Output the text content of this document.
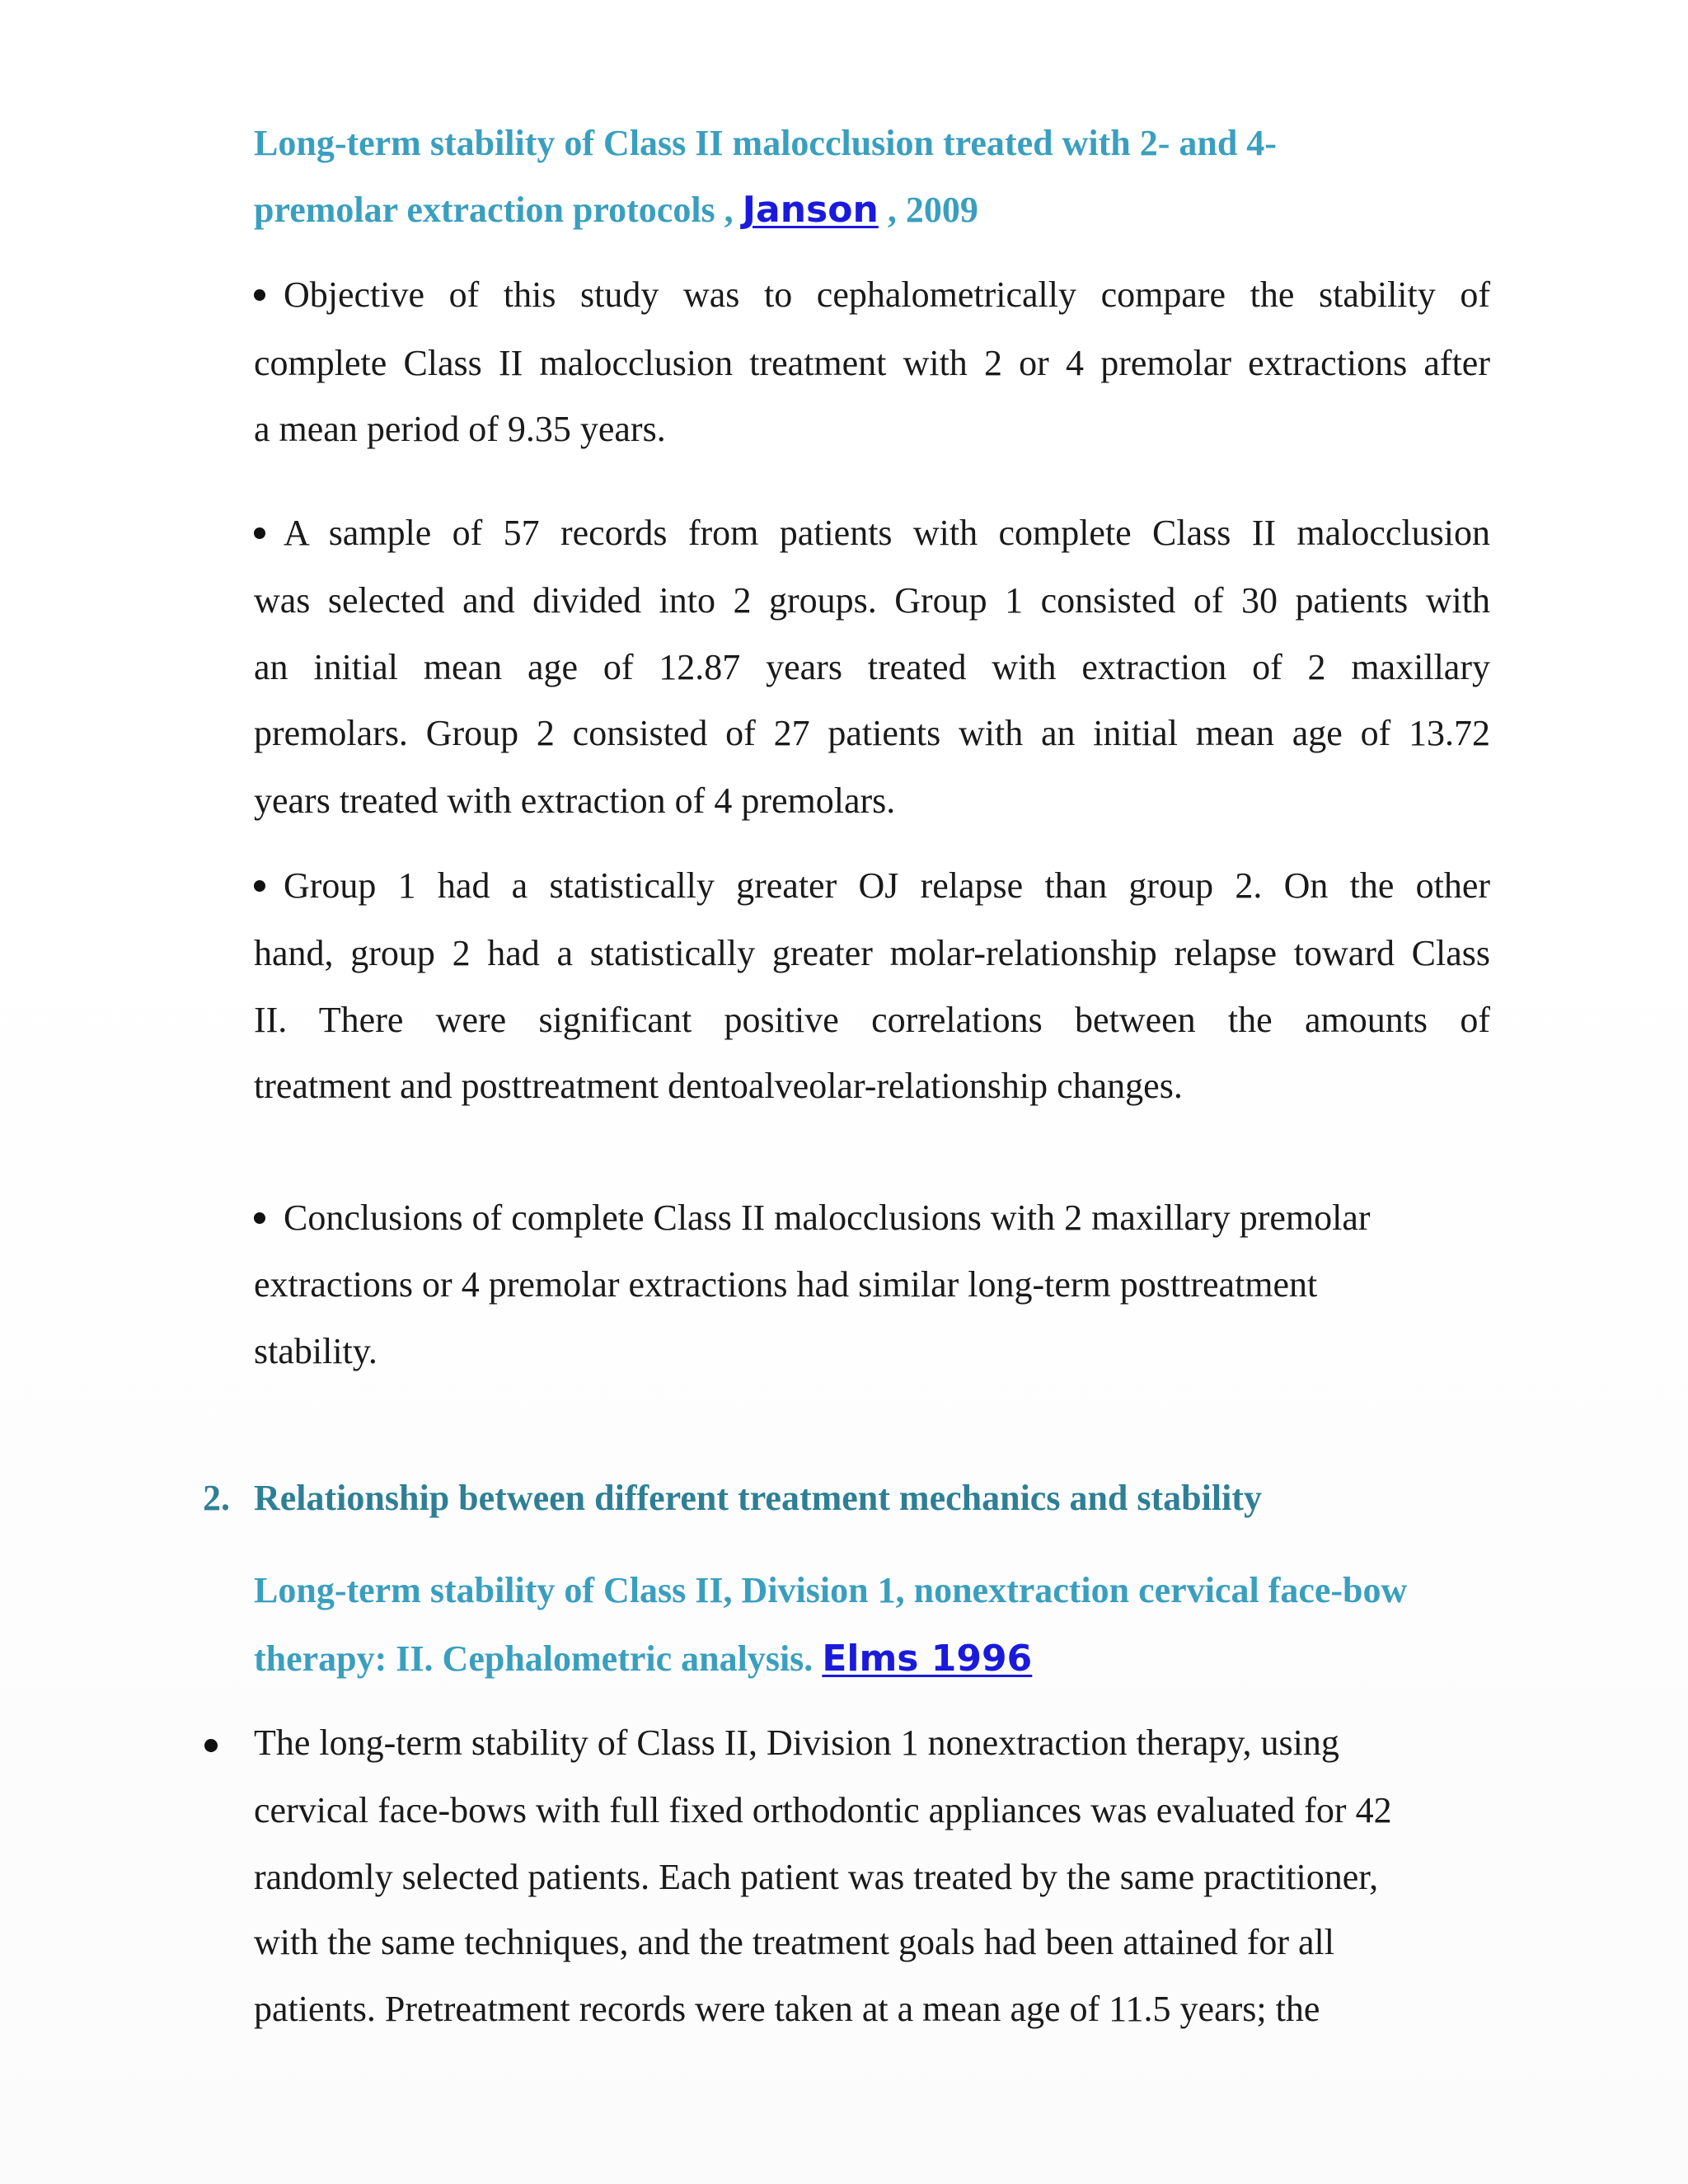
Long-term stability of Class II malocclusion treated with 2- and 4-
premolar extraction protocols , Janson , 2009
Objective of this study was to cephalometrically compare the stability of
complete Class II malocclusion treatment with 2 or 4 premolar extractions after
a mean period of 9.35 years.
A sample of 57 records from patients with complete Class II malocclusion
was selected and divided into 2 groups. Group 1 consisted of 30 patients with
an initial mean age of 12.87 years treated with extraction of 2 maxillary
premolars. Group 2 consisted of 27 patients with an initial mean age of 13.72
years treated with extraction of 4 premolars.
Group 1 had a statistically greater OJ relapse than group 2. On the other
hand, group 2 had a statistically greater molar-relationship relapse toward Class
II. There were significant positive correlations between the amounts of
treatment and posttreatment dentoalveolar-relationship changes.
Conclusions of complete Class II malocclusions with 2 maxillary premolar
extractions or 4 premolar extractions had similar long-term posttreatment
stability.
2. Relationship between different treatment mechanics and stability
Long-term stability of Class II, Division 1, nonextraction cervical face-bow
therapy: II. Cephalometric analysis. Elms 1996
The long-term stability of Class II, Division 1 nonextraction therapy, using
cervical face-bows with full fixed orthodontic appliances was evaluated for 42
randomly selected patients. Each patient was treated by the same practitioner,
with the same techniques, and the treatment goals had been attained for all
patients. Pretreatment records were taken at a mean age of 11.5 years; the
